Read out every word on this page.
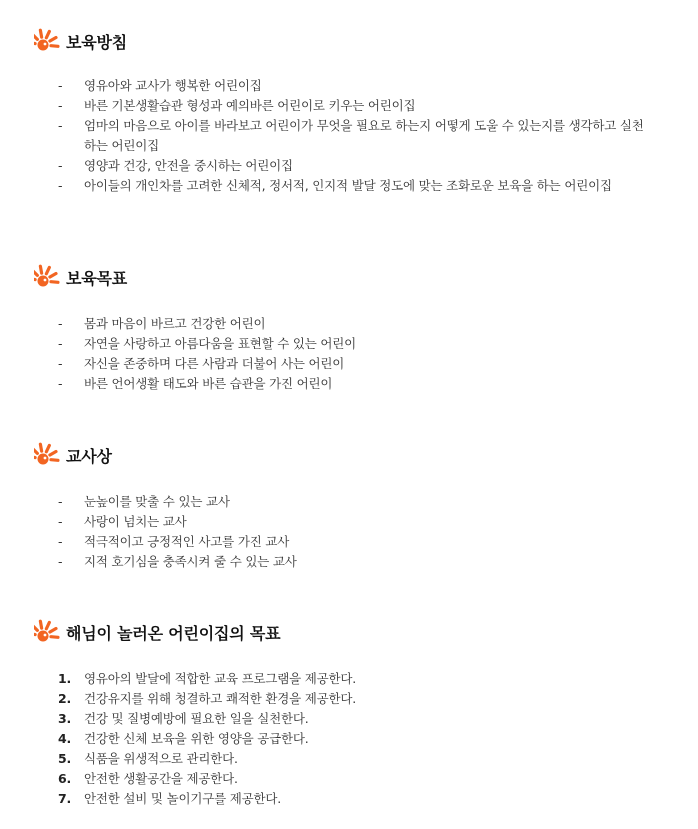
보육방침
-	영유아와 교사가 행복한 어린이집
-	바른 기본생활습관 형성과 예의바른 어린이로 키우는 어린이집
-	엄마의 마음으로 아이를 바라보고 어린이가 무엇을 필요로 하는지 어떻게 도울 수 있는지를 생각하고 실천하는 어린이집
-	영양과 건강, 안전을 중시하는 어린이집
-	아이들의 개인차를 고려한 신체적, 정서적, 인지적 발달 정도에 맞는 조화로운 보육을 하는 어린이집
보육목표
-	몸과 마음이 바르고 건강한 어린이
-	자연을 사랑하고 아름다움을 표현할 수 있는 어린이
-	자신을 존중하며 다른 사람과 더불어 사는 어린이
-	바른 언어생활 태도와 바른 습관을 가진 어린이
교사상
-	눈높이를 맞출 수 있는 교사
-	사랑이 넘치는 교사
-	적극적이고 긍정적인 사고를 가진 교사
-	지적 호기심을 충족시켜 줄 수 있는 교사
해님이 놀러온 어린이집의 목표
1.	영유아의 발달에 적합한 교육 프로그램을 제공한다.
2.	건강유지를 위해 청결하고 쾌적한 환경을 제공한다.
3.	건강 및 질병예방에 필요한 일을 실천한다.
4.	건강한 신체 보육을 위한 영양을 공급한다.
5.	식품을 위생적으로 관리한다.
6.	안전한 생활공간을 제공한다.
7.	안전한 설비 및 놀이기구를 제공한다.
